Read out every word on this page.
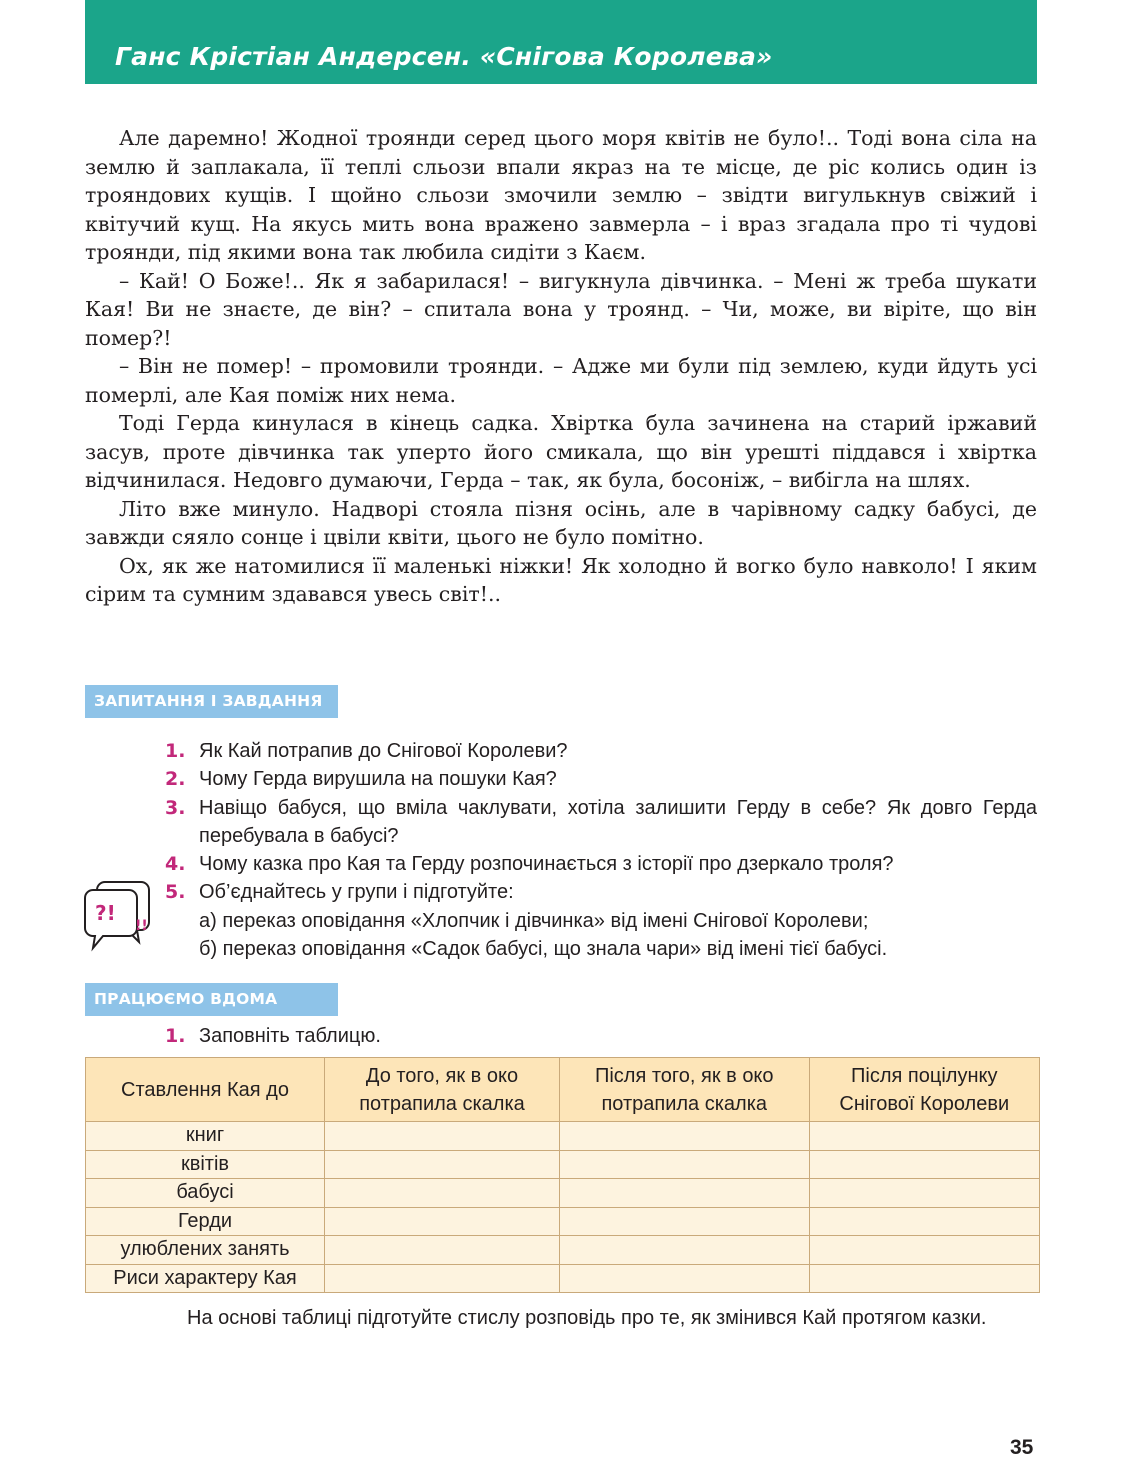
Ганс Крістіан Андерсен. «Снігова Королева»

Але даремно! Жодної троянди серед цього моря квітів не було!.. Тоді вона сіла на землю й заплакала, її теплі сльози впали якраз на те місце, де ріс колись один із трояндових кущів. І щойно сльози змочили землю – звідти вигулькнув свіжий і квітучий кущ. На якусь мить вона вражено завмерла – і враз згадала про ті чудові троянди, під якими вона так любила сидіти з Каєм.

– Кай! О Боже!.. Як я забарилася! – вигукнула дівчинка. – Мені ж треба шукати Кая! Ви не знаєте, де він? – спитала вона у троянд. – Чи, може, ви віріте, що він помер?!

– Він не помер! – промовили троянди. – Адже ми були під землею, куди йдуть усі померлі, але Кая поміж них нема.

Тоді Герда кинулася в кінець садка. Хвіртка була зачинена на старий іржавий засув, проте дівчинка так уперто його смикала, що він урешті піддався і хвіртка відчинилася. Недовго думаючи, Герда – так, як була, босоніж, – вибігла на шлях.

Літо вже минуло. Надворі стояла пізня осінь, але в чарівному садку бабусі, де завжди сяяло сонце і цвіли квіти, цього не було помітно.

Ох, як же натомилися її маленькі ніжки! Як холодно й вогко було навколо! І яким сірим та сумним здавався увесь світ!..

ЗАПИТАННЯ І ЗАВДАННЯ
1. Як Кай потрапив до Снігової Королеви?
2. Чому Герда вирушила на пошуки Кая?
3. Навіщо бабуся, що вміла чаклувати, хотіла залишити Герду в себе? Як довго Герда перебувала в бабусі?
4. Чому казка про Кая та Герду розпочинається з історії про дзеркало троля?
5. Об’єднайтесь у групи і підготуйте:
а) переказ оповідання «Хлопчик і дівчинка» від імені Снігової Королеви;
б) переказ оповідання «Садок бабусі, що знала чари» від імені тієї бабусі.
?!
!!
ПРАЦЮЄМО ВДОМА
1. Заповніть таблицю.
Ставлення Кая до	До того, як в око потрапила скалка	Після того, як в око потрапила скалка	Після поцілунку Снігової Королеви
книг			
квітів			
бабусі			
Герди			
улюблених занять			
Риси характеру Кая			
На основі таблиці підготуйте стислу розповідь про те, як змінився Кай протягом казки.
35
